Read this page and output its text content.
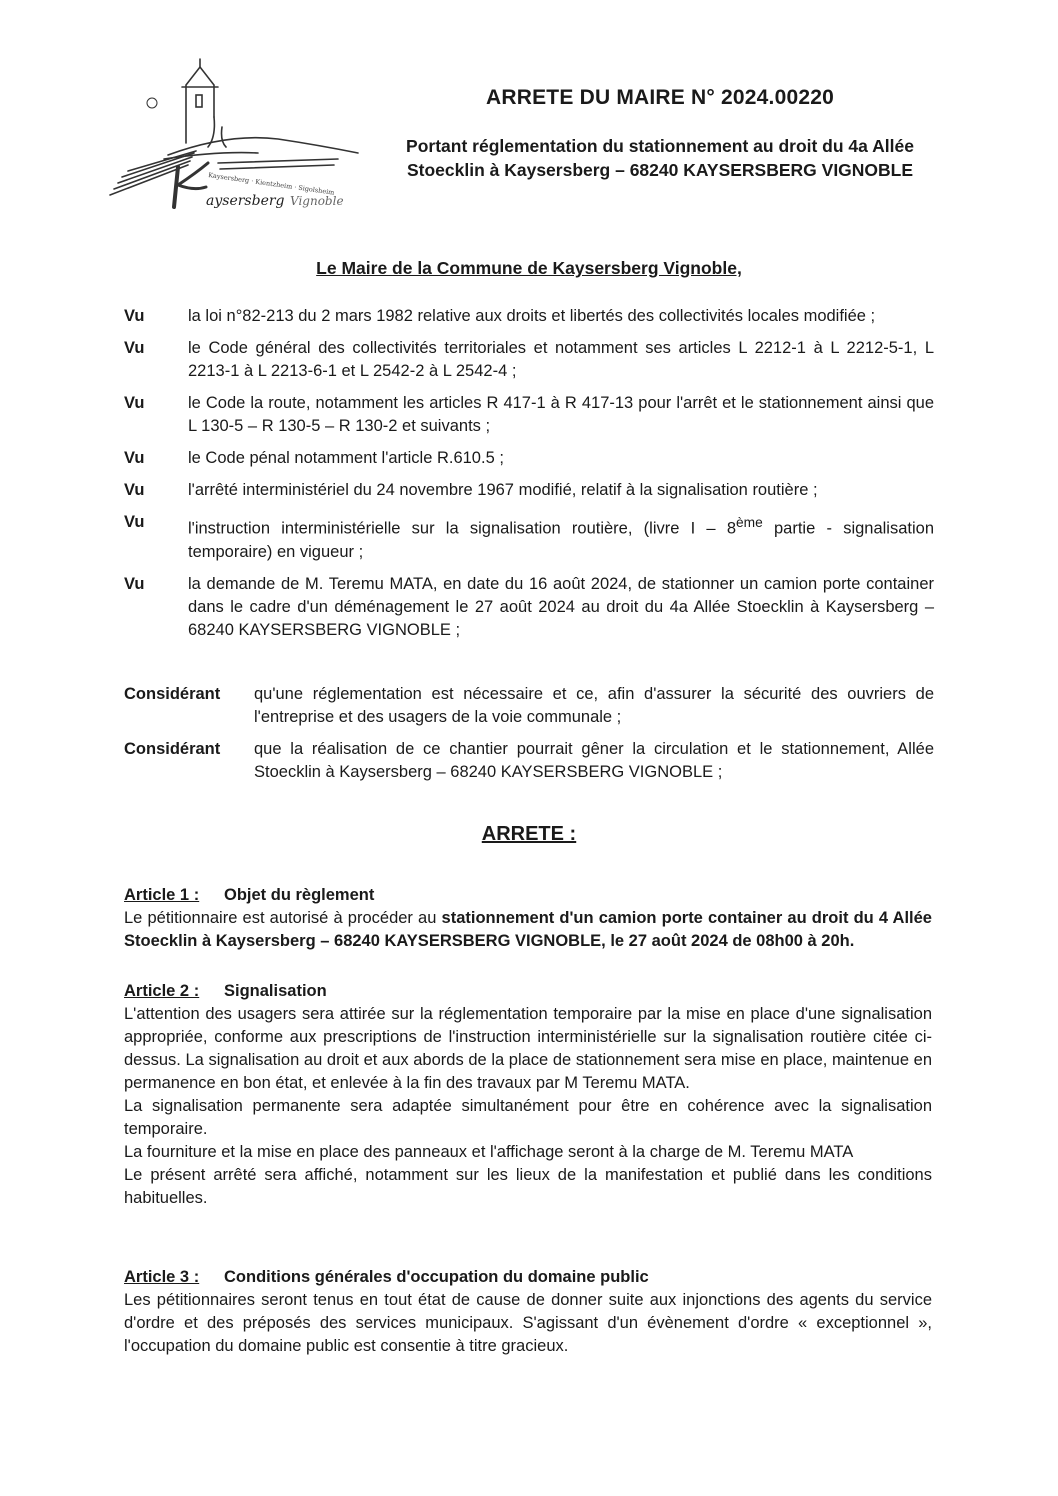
Kaysersberg · Kientzheim · Sigolsheim
aysersberg Vignoble
ARRETE DU MAIRE N° 2024.00220
Portant réglementation du stationnement au droit du 4a Allée
Stoecklin à Kaysersberg – 68240 KAYSERSBERG VIGNOBLE
Le Maire de la Commune de Kaysersberg Vignoble,
Vu	la loi n°82-213 du 2 mars 1982 relative aux droits et libertés des collectivités locales modifiée ;
Vu	le Code général des collectivités territoriales et notamment ses articles L 2212-1 à L 2212-5-1, L 2213-1 à L 2213-6-1 et L 2542-2 à L 2542-4 ;
Vu	le Code la route, notamment les articles R 417-1 à R 417-13 pour l'arrêt et le stationnement ainsi que L 130-5 – R 130-5 – R 130-2 et suivants ;
Vu	le Code pénal notamment l'article R.610.5 ;
Vu	l'arrêté interministériel du 24 novembre 1967 modifié, relatif à la signalisation routière ;
Vu	l'instruction interministérielle sur la signalisation routière, (livre I – 8ème partie - signalisation temporaire) en vigueur ;
Vu	la demande de M. Teremu MATA, en date du 16 août 2024, de stationner un camion porte container dans le cadre d'un déménagement le 27 août 2024 au droit du 4a Allée Stoecklin à Kaysersberg – 68240 KAYSERSBERG VIGNOBLE ;
Considérant	qu'une réglementation est nécessaire et ce, afin d'assurer la sécurité des ouvriers de l'entreprise et des usagers de la voie communale ;
Considérant	que la réalisation de ce chantier pourrait gêner la circulation et le stationnement, Allée Stoecklin à Kaysersberg – 68240 KAYSERSBERG VIGNOBLE ;
ARRETE :
Article 1 : Objet du règlement

Le pétitionnaire est autorisé à procéder au stationnement d'un camion porte container au droit du 4 Allée Stoecklin à Kaysersberg – 68240 KAYSERSBERG VIGNOBLE, le 27 août 2024 de 08h00 à 20h.

Article 2 : Signalisation

L'attention des usagers sera attirée sur la réglementation temporaire par la mise en place d'une signalisation appropriée, conforme aux prescriptions de l'instruction interministérielle sur la signalisation routière citée ci-dessus. La signalisation au droit et aux abords de la place de stationnement sera mise en place, maintenue en permanence en bon état, et enlevée à la fin des travaux par M Teremu MATA.

La signalisation permanente sera adaptée simultanément pour être en cohérence avec la signalisation temporaire.

La fourniture et la mise en place des panneaux et l'affichage seront à la charge de M. Teremu MATA

Le présent arrêté sera affiché, notamment sur les lieux de la manifestation et publié dans les conditions habituelles.

Article 3 : Conditions générales d'occupation du domaine public

Les pétitionnaires seront tenus en tout état de cause de donner suite aux injonctions des agents du service d'ordre et des préposés des services municipaux. S'agissant d'un évènement d'ordre « exceptionnel », l'occupation du domaine public est consentie à titre gracieux.
